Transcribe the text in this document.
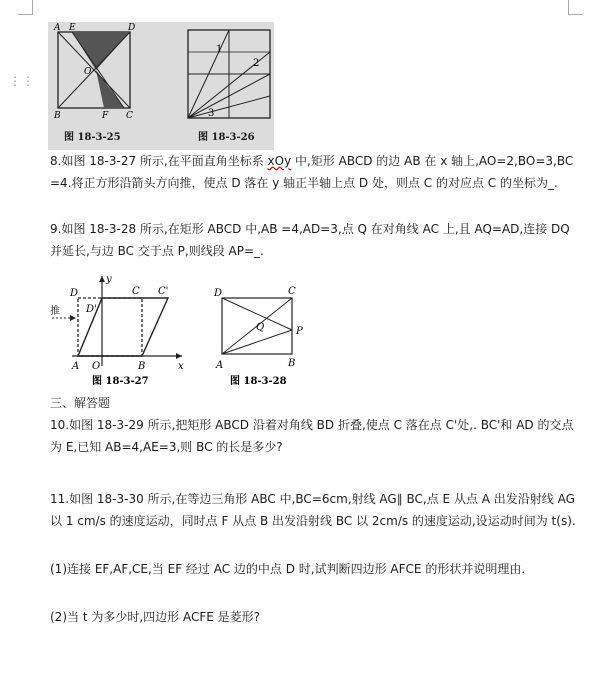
⋮⋮
A E	D
O
B	F C
1
2
3
图 18-3-25	图 18-3-26
8.如图 18-3-27 所示,在平面直角坐标系 xOy 中,矩形 ABCD 的边 AB 在 x 轴上,AO=2,BO=3,BC
=4.将正方形沿箭头方向推，使点 D 落在 y 轴正半轴上点 D 处，则点 C 的对应点 C 的坐标为_.
9.如图 18-3-28 所示,在矩形 ABCD 中,AB =4,AD=3,点 Q 在对角线 AC 上,且 AQ=AD,连接 DQ
并延长,与边 BC 交于点 P,则线段 AP=_.
推
y
D
D'
C C'
A O	B	x
图 18-3-27
D	C
Q	P
A	B
图 18-3-28
三、解答题
10.如图 18-3-29 所示,把矩形 ABCD 沿着对角线 BD 折叠,使点 C 落在点 C'处,. BC'和 AD 的交点
为 E,已知 AB=4,AE=3,则 BC 的长是多少?
11.如图 18-3-30 所示,在等边三角形 ABC 中,BC=6cm,射线 AG∥ BC,点 E 从点 A 出发沿射线 AG
以 1 cm/s 的速度运动，同时点 F 从点 B 出发沿射线 BC 以 2cm/s 的速度运动,设运动时间为 t(s).
(1)连接 EF,AF,CE,当 EF 经过 AC 边的中点 D 时,试判断四边形 AFCE 的形状并说明理由.
(2)当 t 为多少时,四边形 ACFE 是菱形?
